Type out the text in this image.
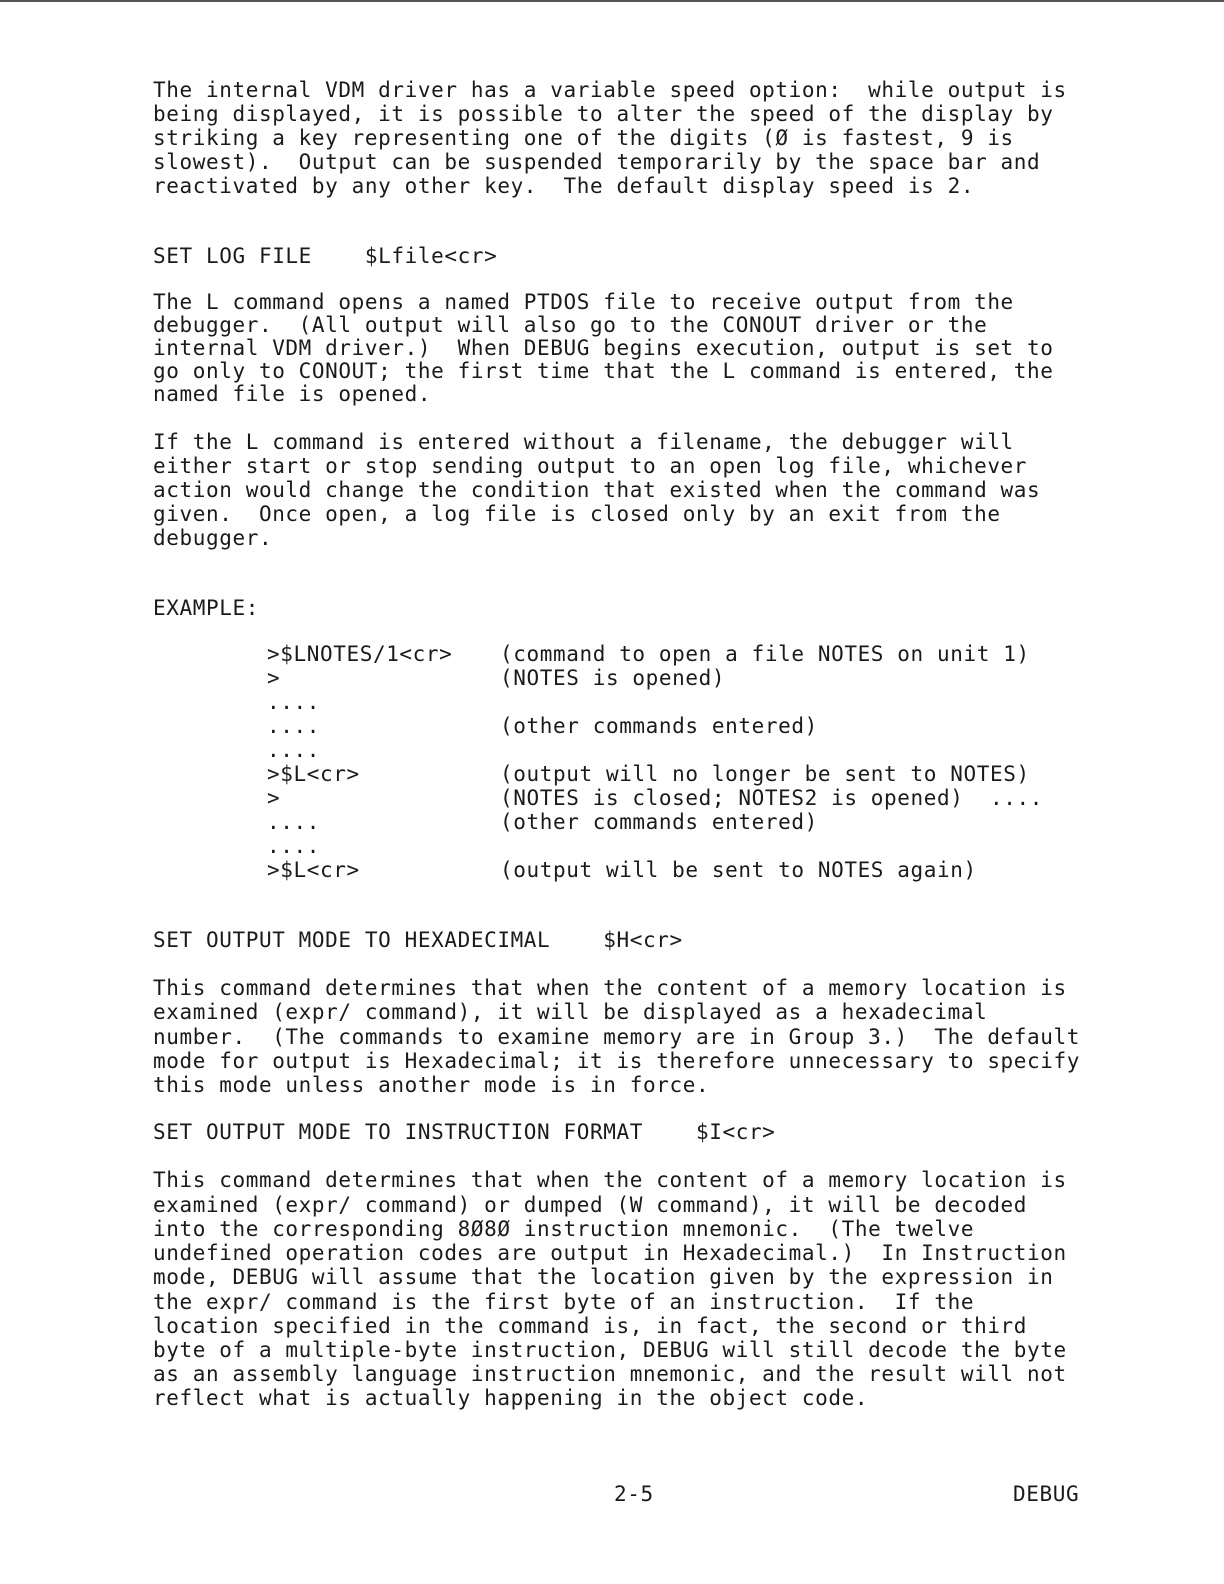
The internal VDM driver has a variable speed option:  while output is
being displayed, it is possible to alter the speed of the display by
striking a key representing one of the digits (Ø is fastest, 9 is
slowest).  Output can be suspended temporarily by the space bar and
reactivated by any other key.  The default display speed is 2.

SET LOG FILE    $Lfile<cr>

The L command opens a named PTDOS file to receive output from the
debugger.  (All output will also go to the CONOUT driver or the
internal VDM driver.)  When DEBUG begins execution, output is set to
go only to CONOUT; the first time that the L command is entered, the
named file is opened.

If the L command is entered without a filename, the debugger will
either start or stop sending output to an open log file, whichever
action would change the condition that existed when the command was
given.  Once open, a log file is closed only by an exit from the
debugger.

EXAMPLE:

>$LNOTES/1<cr>	(command to open a file NOTES on unit 1)
>	(NOTES is opened)
....
....	(other commands entered)
....
>$L<cr>	(output will no longer be sent to NOTES)
>	(NOTES is closed; NOTES2 is opened)  ....
....	(other commands entered)
....
>$L<cr>	(output will be sent to NOTES again)

SET OUTPUT MODE TO HEXADECIMAL    $H<cr>

This command determines that when the content of a memory location is
examined (expr/ command), it will be displayed as a hexadecimal
number.  (The commands to examine memory are in Group 3.)  The default
mode for output is Hexadecimal; it is therefore unnecessary to specify
this mode unless another mode is in force.

SET OUTPUT MODE TO INSTRUCTION FORMAT    $I<cr>

This command determines that when the content of a memory location is
examined (expr/ command) or dumped (W command), it will be decoded
into the corresponding 8Ø8Ø instruction mnemonic.  (The twelve
undefined operation codes are output in Hexadecimal.)  In Instruction
mode, DEBUG will assume that the location given by the expression in
the expr/ command is the first byte of an instruction.  If the
location specified in the command is, in fact, the second or third
byte of a multiple-byte instruction, DEBUG will still decode the byte
as an assembly language instruction mnemonic, and the result will not
reflect what is actually happening in the object code.

2-5	DEBUG
